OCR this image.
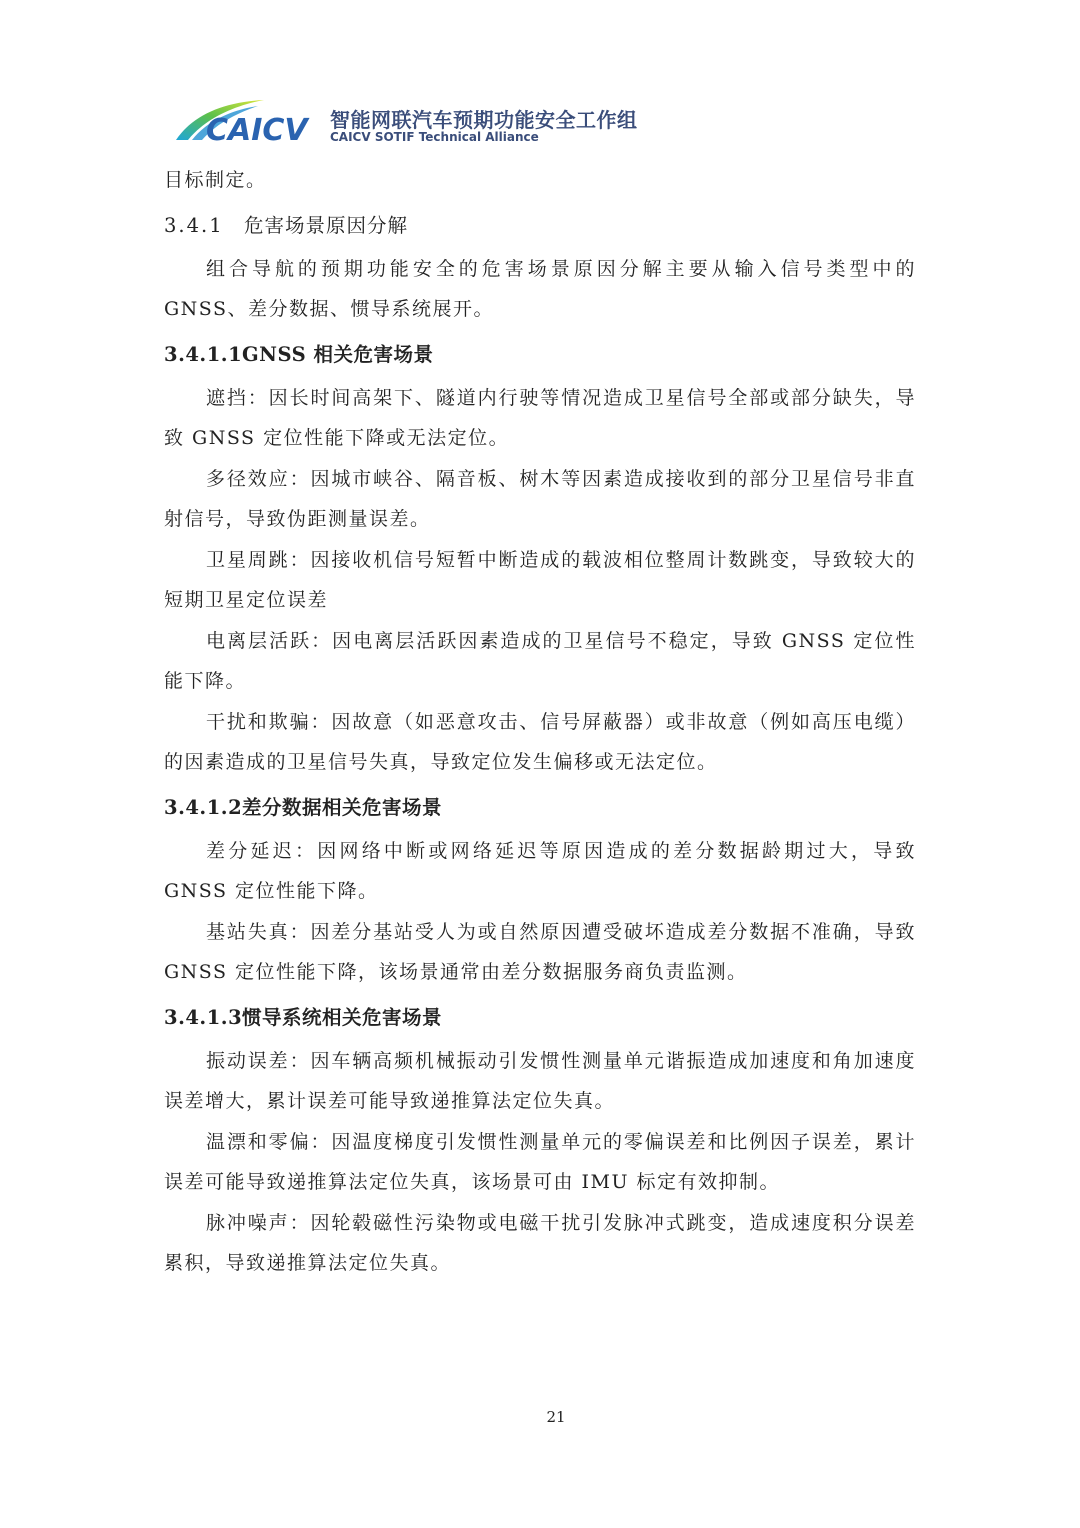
CAICV 智能网联汽车预期功能安全工作组
CAICV SOTIF Technical Alliance

目标制定。

3.4.1 危害场景原因分解

组合导航的预期功能安全的危害场景原因分解主要从输入信号类型中的GNSS、差分数据、惯导系统展开。

3.4.1.1GNSS 相关危害场景

遮挡：因长时间高架下、隧道内行驶等情况造成卫星信号全部或部分缺失，导致 GNSS 定位性能下降或无法定位。

多径效应：因城市峡谷、隔音板、树木等因素造成接收到的部分卫星信号非直射信号，导致伪距测量误差。

卫星周跳：因接收机信号短暂中断造成的载波相位整周计数跳变，导致较大的短期卫星定位误差

电离层活跃：因电离层活跃因素造成的卫星信号不稳定，导致 GNSS 定位性能下降。

干扰和欺骗：因故意（如恶意攻击、信号屏蔽器）或非故意（例如高压电缆）的因素造成的卫星信号失真，导致定位发生偏移或无法定位。

3.4.1.2差分数据相关危害场景

差分延迟：因网络中断或网络延迟等原因造成的差分数据龄期过大，导致 GNSS 定位性能下降。

基站失真：因差分基站受人为或自然原因遭受破坏造成差分数据不准确，导致 GNSS 定位性能下降，该场景通常由差分数据服务商负责监测。

3.4.1.3惯导系统相关危害场景

振动误差：因车辆高频机械振动引发惯性测量单元谐振造成加速度和角加速度误差增大，累计误差可能导致递推算法定位失真。

温漂和零偏：因温度梯度引发惯性测量单元的零偏误差和比例因子误差，累计误差可能导致递推算法定位失真，该场景可由 IMU 标定有效抑制。

脉冲噪声：因轮毂磁性污染物或电磁干扰引发脉冲式跳变，造成速度积分误差累积，导致递推算法定位失真。

21
